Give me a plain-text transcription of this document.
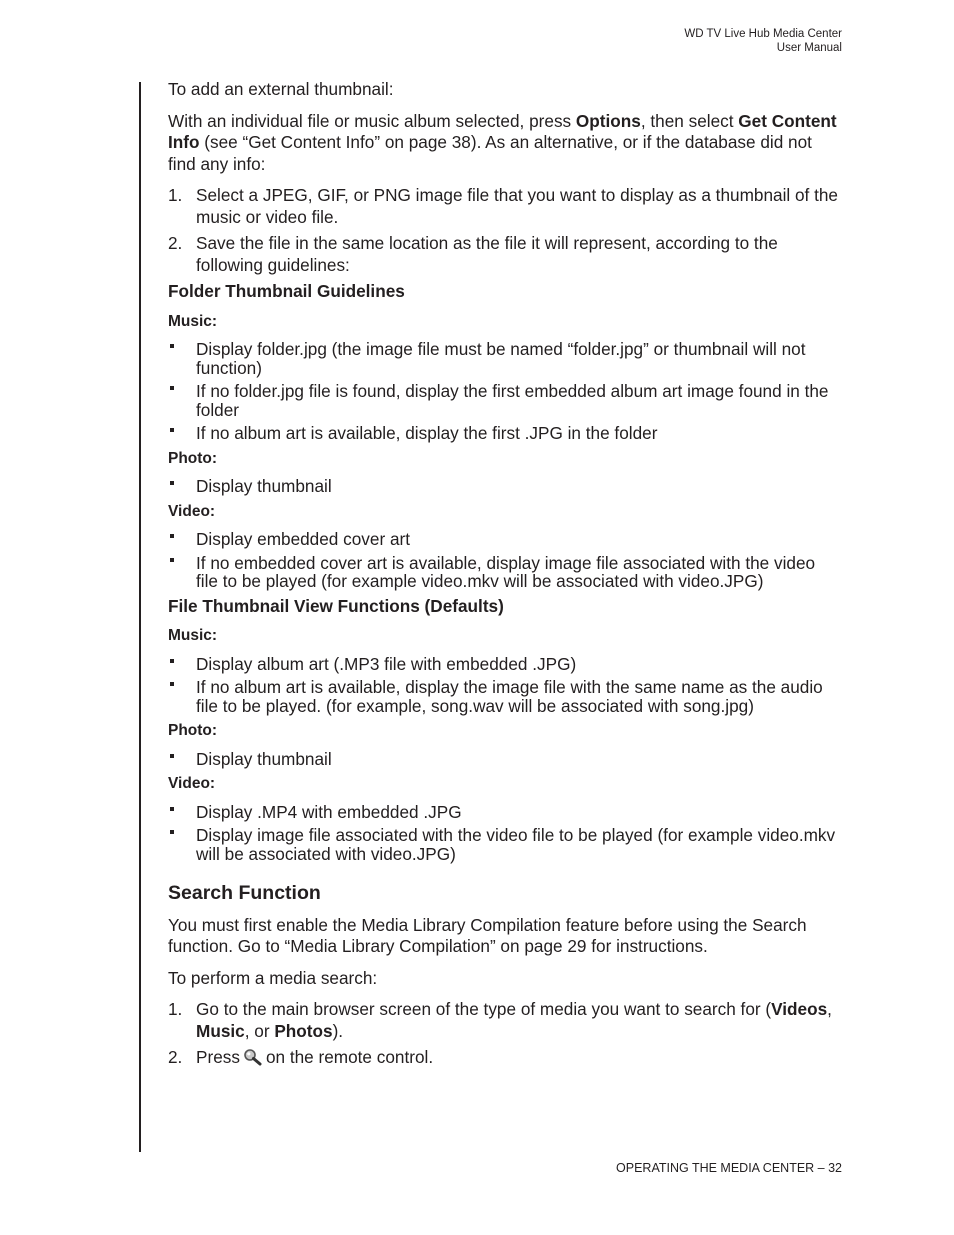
WD TV Live Hub Media Center
User Manual

To add an external thumbnail:

With an individual file or music album selected, press Options, then select Get Content Info (see “Get Content Info” on page 38). As an alternative, or if the database did not find any info:

1. Select a JPEG, GIF, or PNG image file that you want to display as a thumbnail of the music or video file.
2. Save the file in the same location as the file it will represent, according to the following guidelines:
Folder Thumbnail Guidelines
Music:
Display folder.jpg (the image file must be named “folder.jpg” or thumbnail will not function)
If no folder.jpg file is found, display the first embedded album art image found in the folder
If no album art is available, display the first .JPG in the folder
Photo:
Display thumbnail
Video:
Display embedded cover art
If no embedded cover art is available, display image file associated with the video file to be played (for example video.mkv will be associated with video.JPG)
File Thumbnail View Functions (Defaults)
Music:
Display album art (.MP3 file with embedded .JPG)
If no album art is available, display the image file with the same name as the audio file to be played. (for example, song.wav will be associated with song.jpg)
Photo:
Display thumbnail
Video:
Display .MP4 with embedded .JPG
Display image file associated with the video file to be played (for example video.mkv will be associated with video.JPG)
Search Function

You must first enable the Media Library Compilation feature before using the Search function. Go to “Media Library Compilation” on page 29 for instructions.

To perform a media search:

1. Go to the main browser screen of the type of media you want to search for (Videos, Music, or Photos).
2. Press on the remote control.
OPERATING THE MEDIA CENTER – 32
